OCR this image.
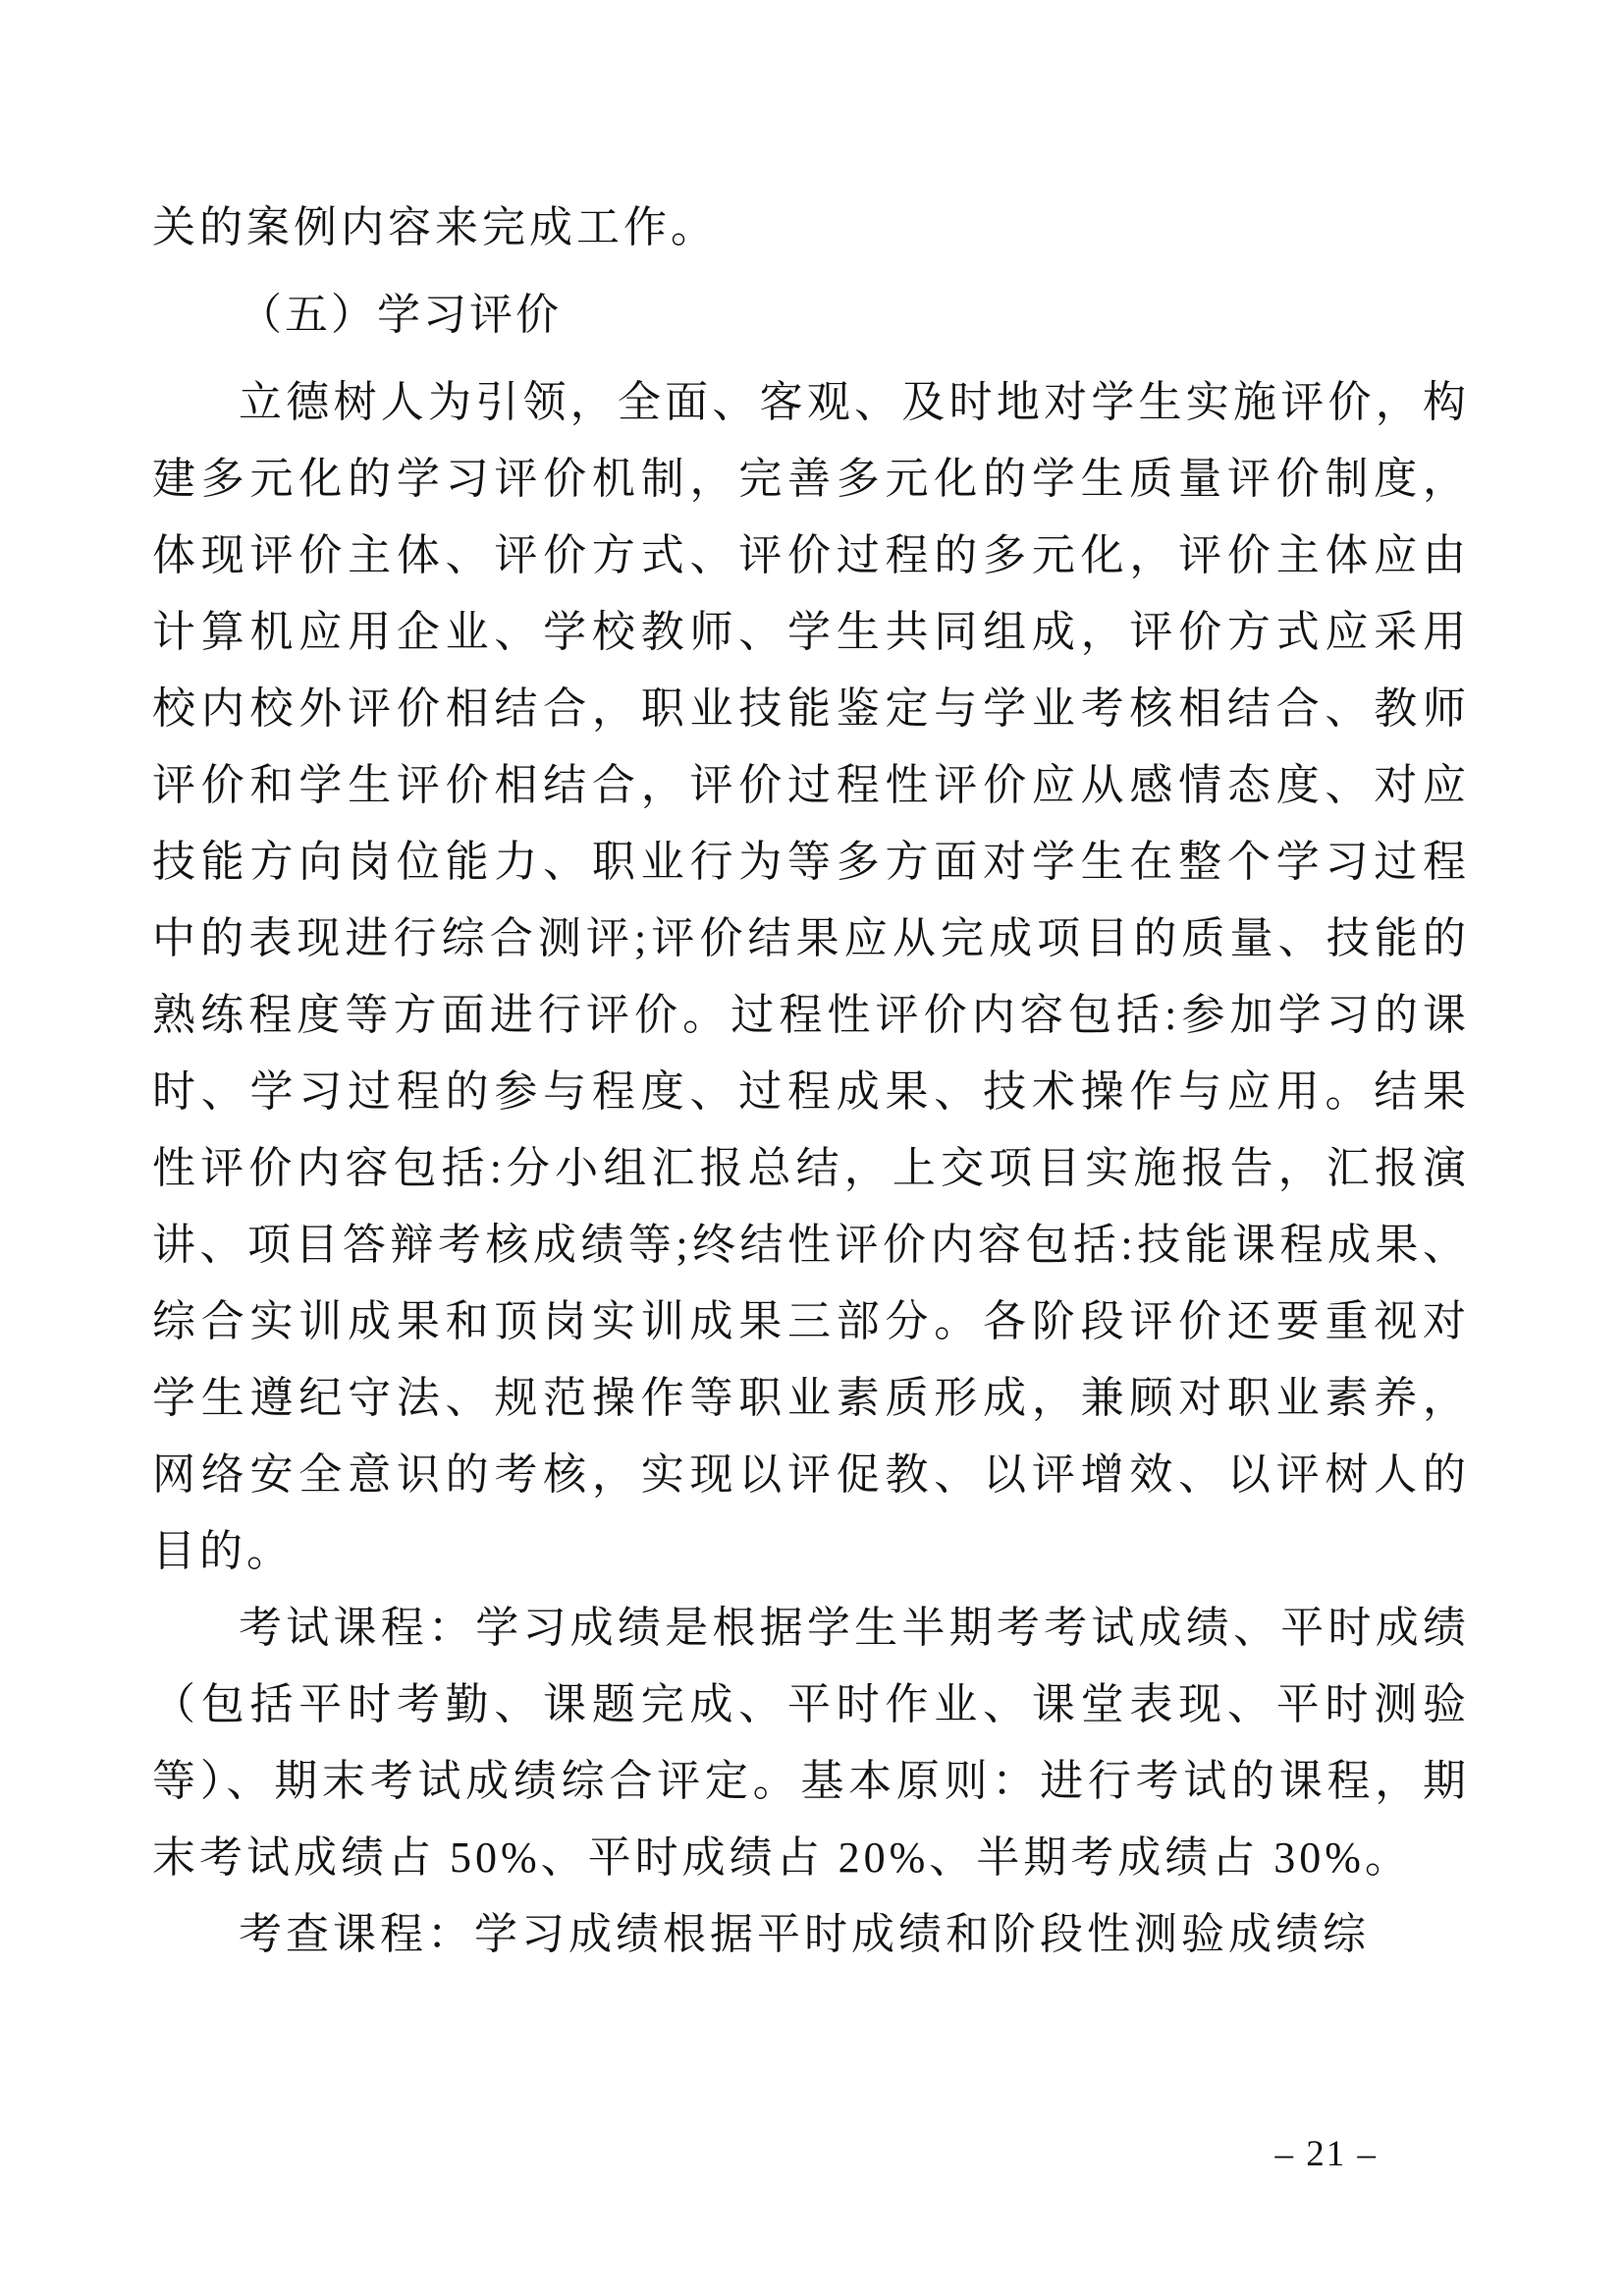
关的案例内容来完成工作。

（五）学习评价

立德树人为引领，全面、客观、及时地对学生实施评价，构建多元化的学习评价机制，完善多元化的学生质量评价制度，体现评价主体、评价方式、评价过程的多元化，评价主体应由计算机应用企业、学校教师、学生共同组成，评价方式应采用校内校外评价相结合，职业技能鉴定与学业考核相结合、教师评价和学生评价相结合，评价过程性评价应从感情态度、对应技能方向岗位能力、职业行为等多方面对学生在整个学习过程中的表现进行综合测评;评价结果应从完成项目的质量、技能的熟练程度等方面进行评价。过程性评价内容包括:参加学习的课时、学习过程的参与程度、过程成果、技术操作与应用。结果性评价内容包括:分小组汇报总结，上交项目实施报告，汇报演讲、项目答辩考核成绩等;终结性评价内容包括:技能课程成果、综合实训成果和顶岗实训成果三部分。各阶段评价还要重视对学生遵纪守法、规范操作等职业素质形成，兼顾对职业素养，网络安全意识的考核，实现以评促教、以评增效、以评树人的目的。

考试课程：学习成绩是根据学生半期考考试成绩、平时成绩（包括平时考勤、课题完成、平时作业、课堂表现、平时测验等）、期末考试成绩综合评定。基本原则：进行考试的课程，期末考试成绩占 50%、平时成绩占 20%、半期考成绩占 30%。

考查课程：学习成绩根据平时成绩和阶段性测验成绩综

– 21 –
